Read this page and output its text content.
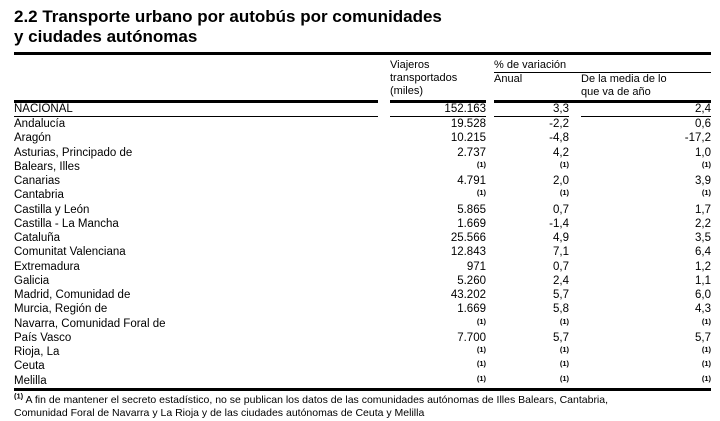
2.2 Transporte urbano por autobús por comunidades
y ciudades autónomas
Viajeros
transportados
(miles)
% de variación
Anual	De la media de lo
que va de año
NACIONAL	152.163	3,3	2,4
Andalucía	19.528	-2,2	0,6
Aragón	10.215	-4,8	-17,2
Asturias, Principado de	2.737	4,2	1,0
Balears, Illes	$^{(1)}$	$^{(1)}$	$^{(1)}$
Canarias	4.791	2,0	3,9
Cantabria	$^{(1)}$	$^{(1)}$	$^{(1)}$
Castilla y León	5.865	0,7	1,7
Castilla - La Mancha	1.669	-1,4	2,2
Cataluña	25.566	4,9	3,5
Comunitat Valenciana	12.843	7,1	6,4
Extremadura	971	0,7	1,2
Galicia	5.260	2,4	1,1
Madrid, Comunidad de	43.202	5,7	6,0
Murcia, Región de	1.669	5,8	4,3
Navarra, Comunidad Foral de	$^{(1)}$	$^{(1)}$	$^{(1)}$
País Vasco	7.700	5,7	5,7
Rioja, La	$^{(1)}$	$^{(1)}$	$^{(1)}$
Ceuta	$^{(1)}$	$^{(1)}$	$^{(1)}$
Melilla	$^{(1)}$	$^{(1)}$	$^{(1)}$
$^{(1)}$ A fin de mantener el secreto estadístico, no se publican los datos de las comunidades autónomas de Illes Balears, Cantabria,
Comunidad Foral de Navarra y La Rioja y de las ciudades autónomas de Ceuta y Melilla
